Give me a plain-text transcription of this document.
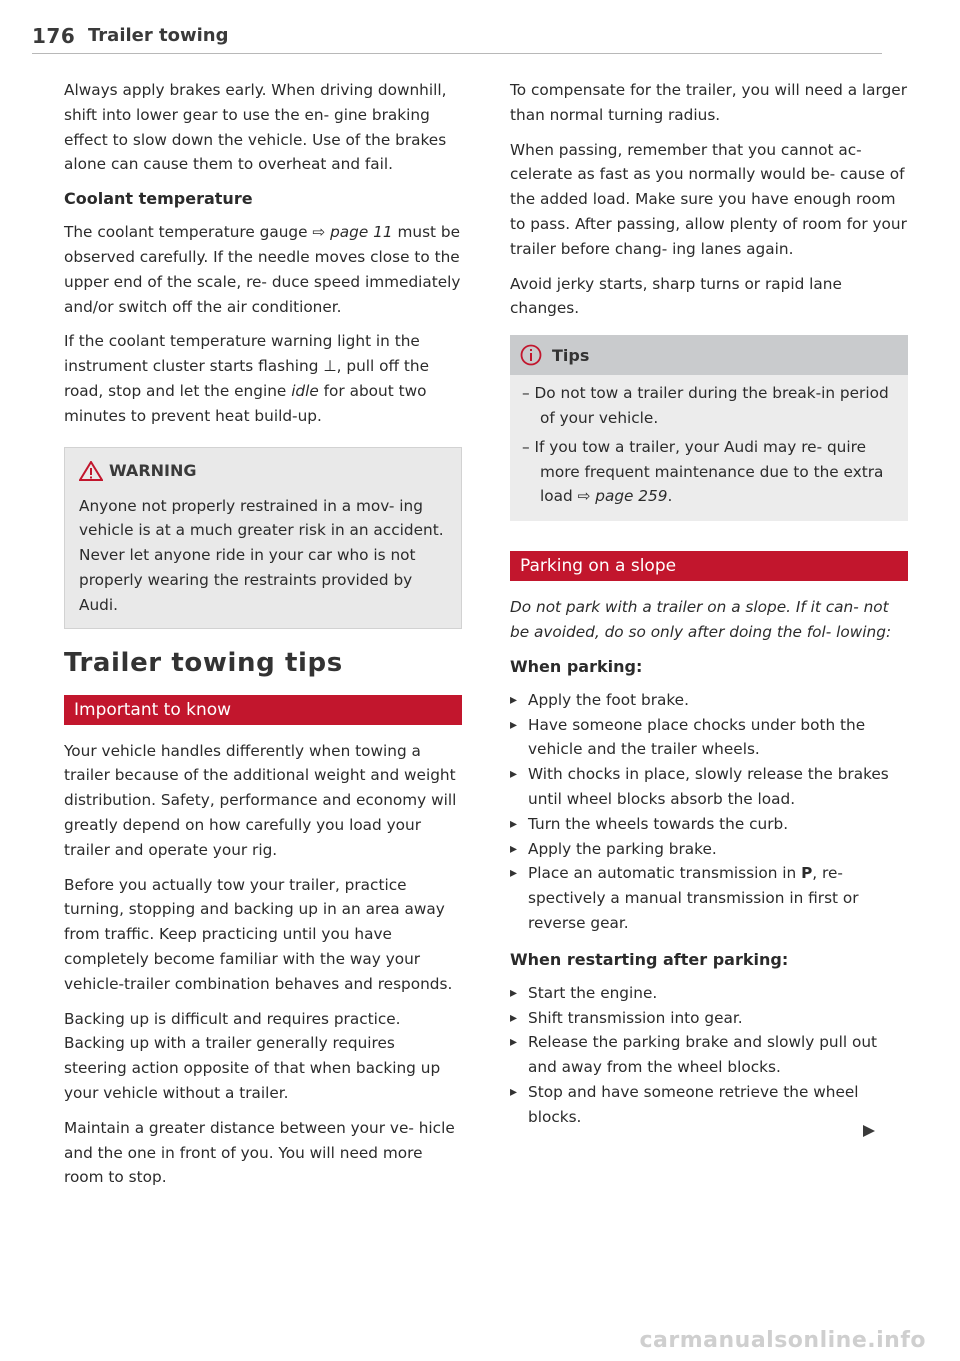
176 Trailer towing

Always apply brakes early. When driving downhill, shift into lower gear to use the en- gine braking effect to slow down the vehicle. Use of the brakes alone can cause them to overheat and fail.

Coolant temperature

The coolant temperature gauge ⇨ page 11 must be observed carefully. If the needle moves close to the upper end of the scale, re- duce speed immediately and/or switch off the air conditioner.

If the coolant temperature warning light in the instrument cluster starts flashing ⊥, pull off the road, stop and let the engine idle for about two minutes to prevent heat build-up.

WARNING

Anyone not properly restrained in a mov- ing vehicle is at a much greater risk in an accident. Never let anyone ride in your car who is not properly wearing the restraints provided by Audi.

Trailer towing tips
Important to know

Your vehicle handles differently when towing a trailer because of the additional weight and weight distribution. Safety, performance and economy will greatly depend on how carefully you load your trailer and operate your rig.

Before you actually tow your trailer, practice turning, stopping and backing up in an area away from traffic. Keep practicing until you have completely become familiar with the way your vehicle-trailer combination behaves and responds.

Backing up is difficult and requires practice. Backing up with a trailer generally requires steering action opposite of that when backing up your vehicle without a trailer.

Maintain a greater distance between your ve- hicle and the one in front of you. You will need more room to stop.

To compensate for the trailer, you will need a larger than normal turning radius.

When passing, remember that you cannot ac- celerate as fast as you normally would be- cause of the added load. Make sure you have enough room to pass. After passing, allow plenty of room for your trailer before chang- ing lanes again.

Avoid jerky starts, sharp turns or rapid lane changes.

Tips
– Do not tow a trailer during the break-in period of your vehicle.
– If you tow a trailer, your Audi may re- quire more frequent maintenance due to the extra load ⇨ page 259.
Parking on a slope

Do not park with a trailer on a slope. If it can- not be avoided, do so only after doing the fol- lowing:

When parking:
▸ Apply the foot brake.
▸ Have someone place chocks under both the vehicle and the trailer wheels.
▸ With chocks in place, slowly release the brakes until wheel blocks absorb the load.
▸ Turn the wheels towards the curb.
▸ Apply the parking brake.
▸ Place an automatic transmission in P, re- spectively a manual transmission in first or reverse gear.
When restarting after parking:
▸ Start the engine.
▸ Shift transmission into gear.
▸ Release the parking brake and slowly pull out and away from the wheel blocks.
▸ Stop and have someone retrieve the wheel blocks.
carmanualsonline.info
